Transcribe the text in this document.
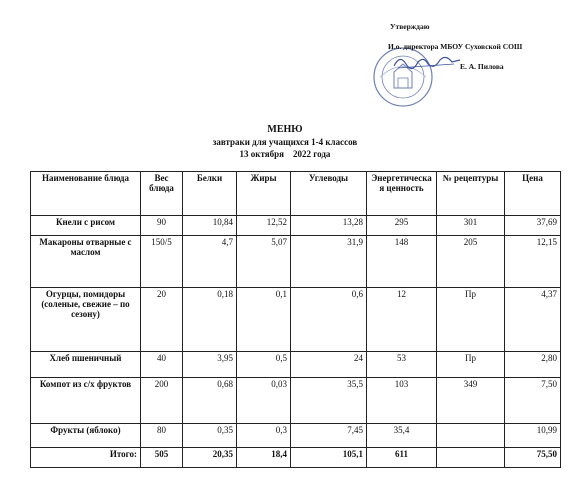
Утверждаю
И.о. директора МБОУ Суховской СОШ
Е. А. Пилова
МЕНЮ
завтраки для учащихся 1-4 классов
13 октября    2022 года
Наименование блюда	Вес блюда	Белки	Жиры	Углеводы	Энергетическая ценность	№ рецептуры	Цена
Кнели с рисом	90	10,84	12,52	13,28	295	301	37,69
Макароны отварные с маслом	150/5	4,7	5,07	31,9	148	205	12,15
Огурцы, помидоры (соленые, свежие – по сезону)	20	0,18	0,1	0,6	12	Пр	4,37
Хлеб пшеничный	40	3,95	0,5	24	53	Пр	2,80
Компот из с/х фруктов	200	0,68	0,03	35,5	103	349	7,50
Фрукты (яблоко)	80	0,35	0,3	7,45	35,4		10,99
Итого:	505	20,35	18,4	105,1	611		75,50
